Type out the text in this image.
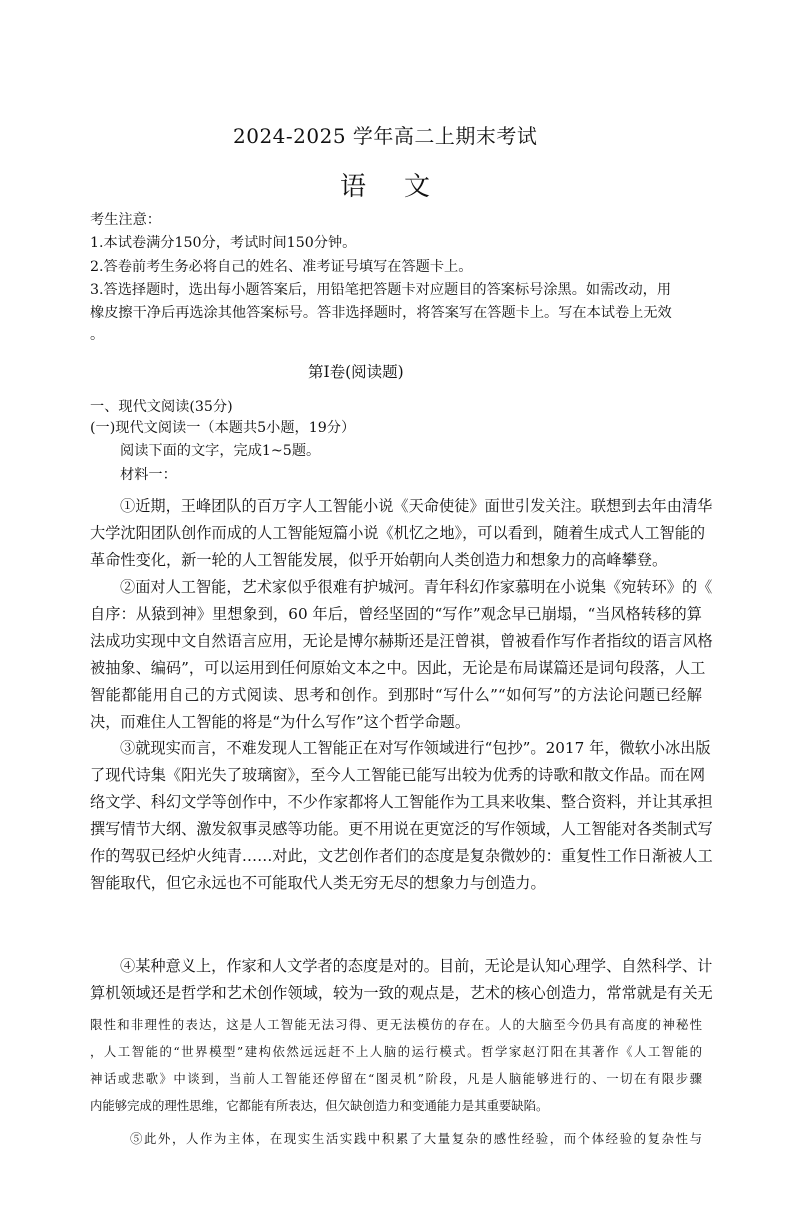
2024-2025 学年高二上期末考试
语文
考生注意：
1.本试卷满分150分，考试时间150分钟。
2.答卷前考生务必将自己的姓名、准考证号填写在答题卡上。
3.答选择题时，选出每小题答案后，用铅笔把答题卡对应题目的答案标号涂黑。如需改动，用
橡皮擦干净后再选涂其他答案标号。答非选择题时，将答案写在答题卡上。写在本试卷上无效
。
第Ⅰ卷(阅读题)
一、现代文阅读(35分)
(一)现代文阅读一（本题共5小题，19分）
阅读下面的文字，完成1~5题。
材料一：
①近期，王峰团队的百万字人工智能小说《天命使徒》面世引发关注。联想到去年由清华
大学沈阳团队创作而成的人工智能短篇小说《机忆之地》，可以看到，随着生成式人工智能的
革命性变化，新一轮的人工智能发展，似乎开始朝向人类创造力和想象力的高峰攀登。
②面对人工智能，艺术家似乎很难有护城河。青年科幻作家慕明在小说集《宛转环》的《
自序：从猿到神》里想象到，60 年后，曾经坚固的“写作”观念早已崩塌，“当风格转移的算
法成功实现中文自然语言应用，无论是博尔赫斯还是汪曾祺，曾被看作写作者指纹的语言风格
被抽象、编码”，可以运用到任何原始文本之中。因此，无论是布局谋篇还是词句段落，人工
智能都能用自己的方式阅读、思考和创作。到那时“写什么”“如何写”的方法论问题已经解
决，而难住人工智能的将是“为什么写作”这个哲学命题。
③就现实而言，不难发现人工智能正在对写作领域进行“包抄”。2017 年，微软小冰出版
了现代诗集《阳光失了玻璃窗》，至今人工智能已能写出较为优秀的诗歌和散文作品。而在网
络文学、科幻文学等创作中，不少作家都将人工智能作为工具来收集、整合资料，并让其承担
撰写情节大纲、激发叙事灵感等功能。更不用说在更宽泛的写作领域，人工智能对各类制式写
作的驾驭已经炉火纯青……对此，文艺创作者们的态度是复杂微妙的：重复性工作日渐被人工
智能取代，但它永远也不可能取代人类无穷无尽的想象力与创造力。
④某种意义上，作家和人文学者的态度是对的。目前，无论是认知心理学、自然科学、计
算机领域还是哲学和艺术创作领域，较为一致的观点是，艺术的核心创造力，常常就是有关无
限性和非理性的表达，这是人工智能无法习得、更无法模仿的存在。人的大脑至今仍具有高度的神秘性
，人工智能的“世界模型”建构依然远远赶不上人脑的运行模式。哲学家赵汀阳在其著作《人工智能的
神话或悲歌》中谈到，当前人工智能还停留在“图灵机”阶段，凡是人脑能够进行的、一切在有限步骤
内能够完成的理性思维，它都能有所表达，但欠缺创造力和变通能力是其重要缺陷。
⑤此外，人作为主体，在现实生活实践中积累了大量复杂的感性经验，而个体经验的复杂性与
